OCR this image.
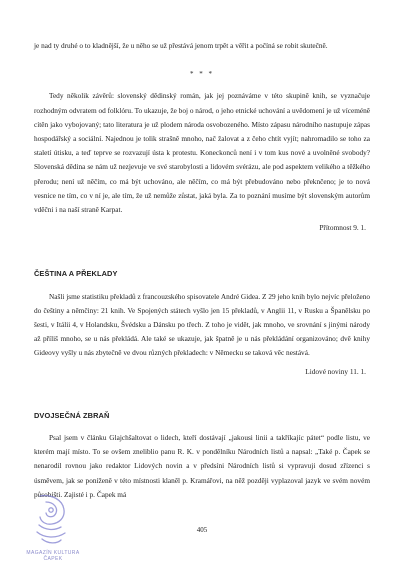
je nad ty druhé o to kladnější, že u něho se už přestává jenom trpět a věřit a počíná se robit skutečně.

* * *

Tedy několik závěrů: slovenský dědinský román, jak jej poznáváme v této skupině knih, se vyznačuje rozhodným odvratem od folklóru. To ukazuje, že boj o národ, o jeho etnické uchování a uvědomení je už víceméně cítěn jako vybojovaný; tato literatura je už plodem národa osvobozeného. Místo zápasu národního nastupuje zápas hospodářský a sociální. Najednou je tolik strašně mnoho, nač žalovat a z čeho chtít vyjít; nahromadilo se toho za staletí útisku, a teď teprve se rozvazují ústa k protestu. Koneckonců není i v tom kus nové a uvolněné svobody? Slovenská dědina se nám už nezjevuje ve své starobylosti a lidovém svérázu, ale pod aspektem velikého a těžkého přerodu; není už něčím, co má být uchováno, ale něčím, co má být přebudováno nebo překnčeno; je to nová vesnice ne tím, co v ní je, ale tím, že už nemůže zůstat, jaká byla. Za to poznání musíme být slovenským autorům vděčni i na naší straně Karpat.

Přítomnost 9. 1.
ČEŠTINA A PŘEKLADY

Našli jsme statistiku překladů z francouzského spisovatele André Gidea. Z 29 jeho knih bylo nejvíc přeloženo do češtiny a němčiny: 21 knih. Ve Spojených státech vyšlo jen 15 překladů, v Anglii 11, v Rusku a Španělsku po šesti, v Itálii 4, v Holandsku, Švédsku a Dánsku po třech. Z toho je vidět, jak mnoho, ve srovnání s jinými národy až příliš mnoho, se u nás překládá. Ale také se ukazuje, jak špatně je u nás překládání organizováno; dvě knihy Gideovy vyšly u nás zbytečně ve dvou různých překladech: v Německu se taková věc nestává.

Lidové noviny 11. 1.
DVOJSEČNÁ ZBRAŇ

Psal jsem v článku Glajchšaltovat o lidech, kteří dostávají „jakousi linii a takříkajíc pátet“ podle listu, ve kterém mají místo. To se ovšem zneliblio panu R. K. v pondělníku Národních listů a napsal: „Také p. Čapek se nenarodil rovnou jako redaktor Lidových novin a v předsíni Národních listů si vypravuji dosud zřízenci s úsměvem, jak se poníženě v této místnosti klaněl p. Kramářovi, na něž později vyplazoval jazyk ve svém novém působišti. Zajisté i p. Čapek má

405
MAGAZÍN KULTURA ČAPEK
